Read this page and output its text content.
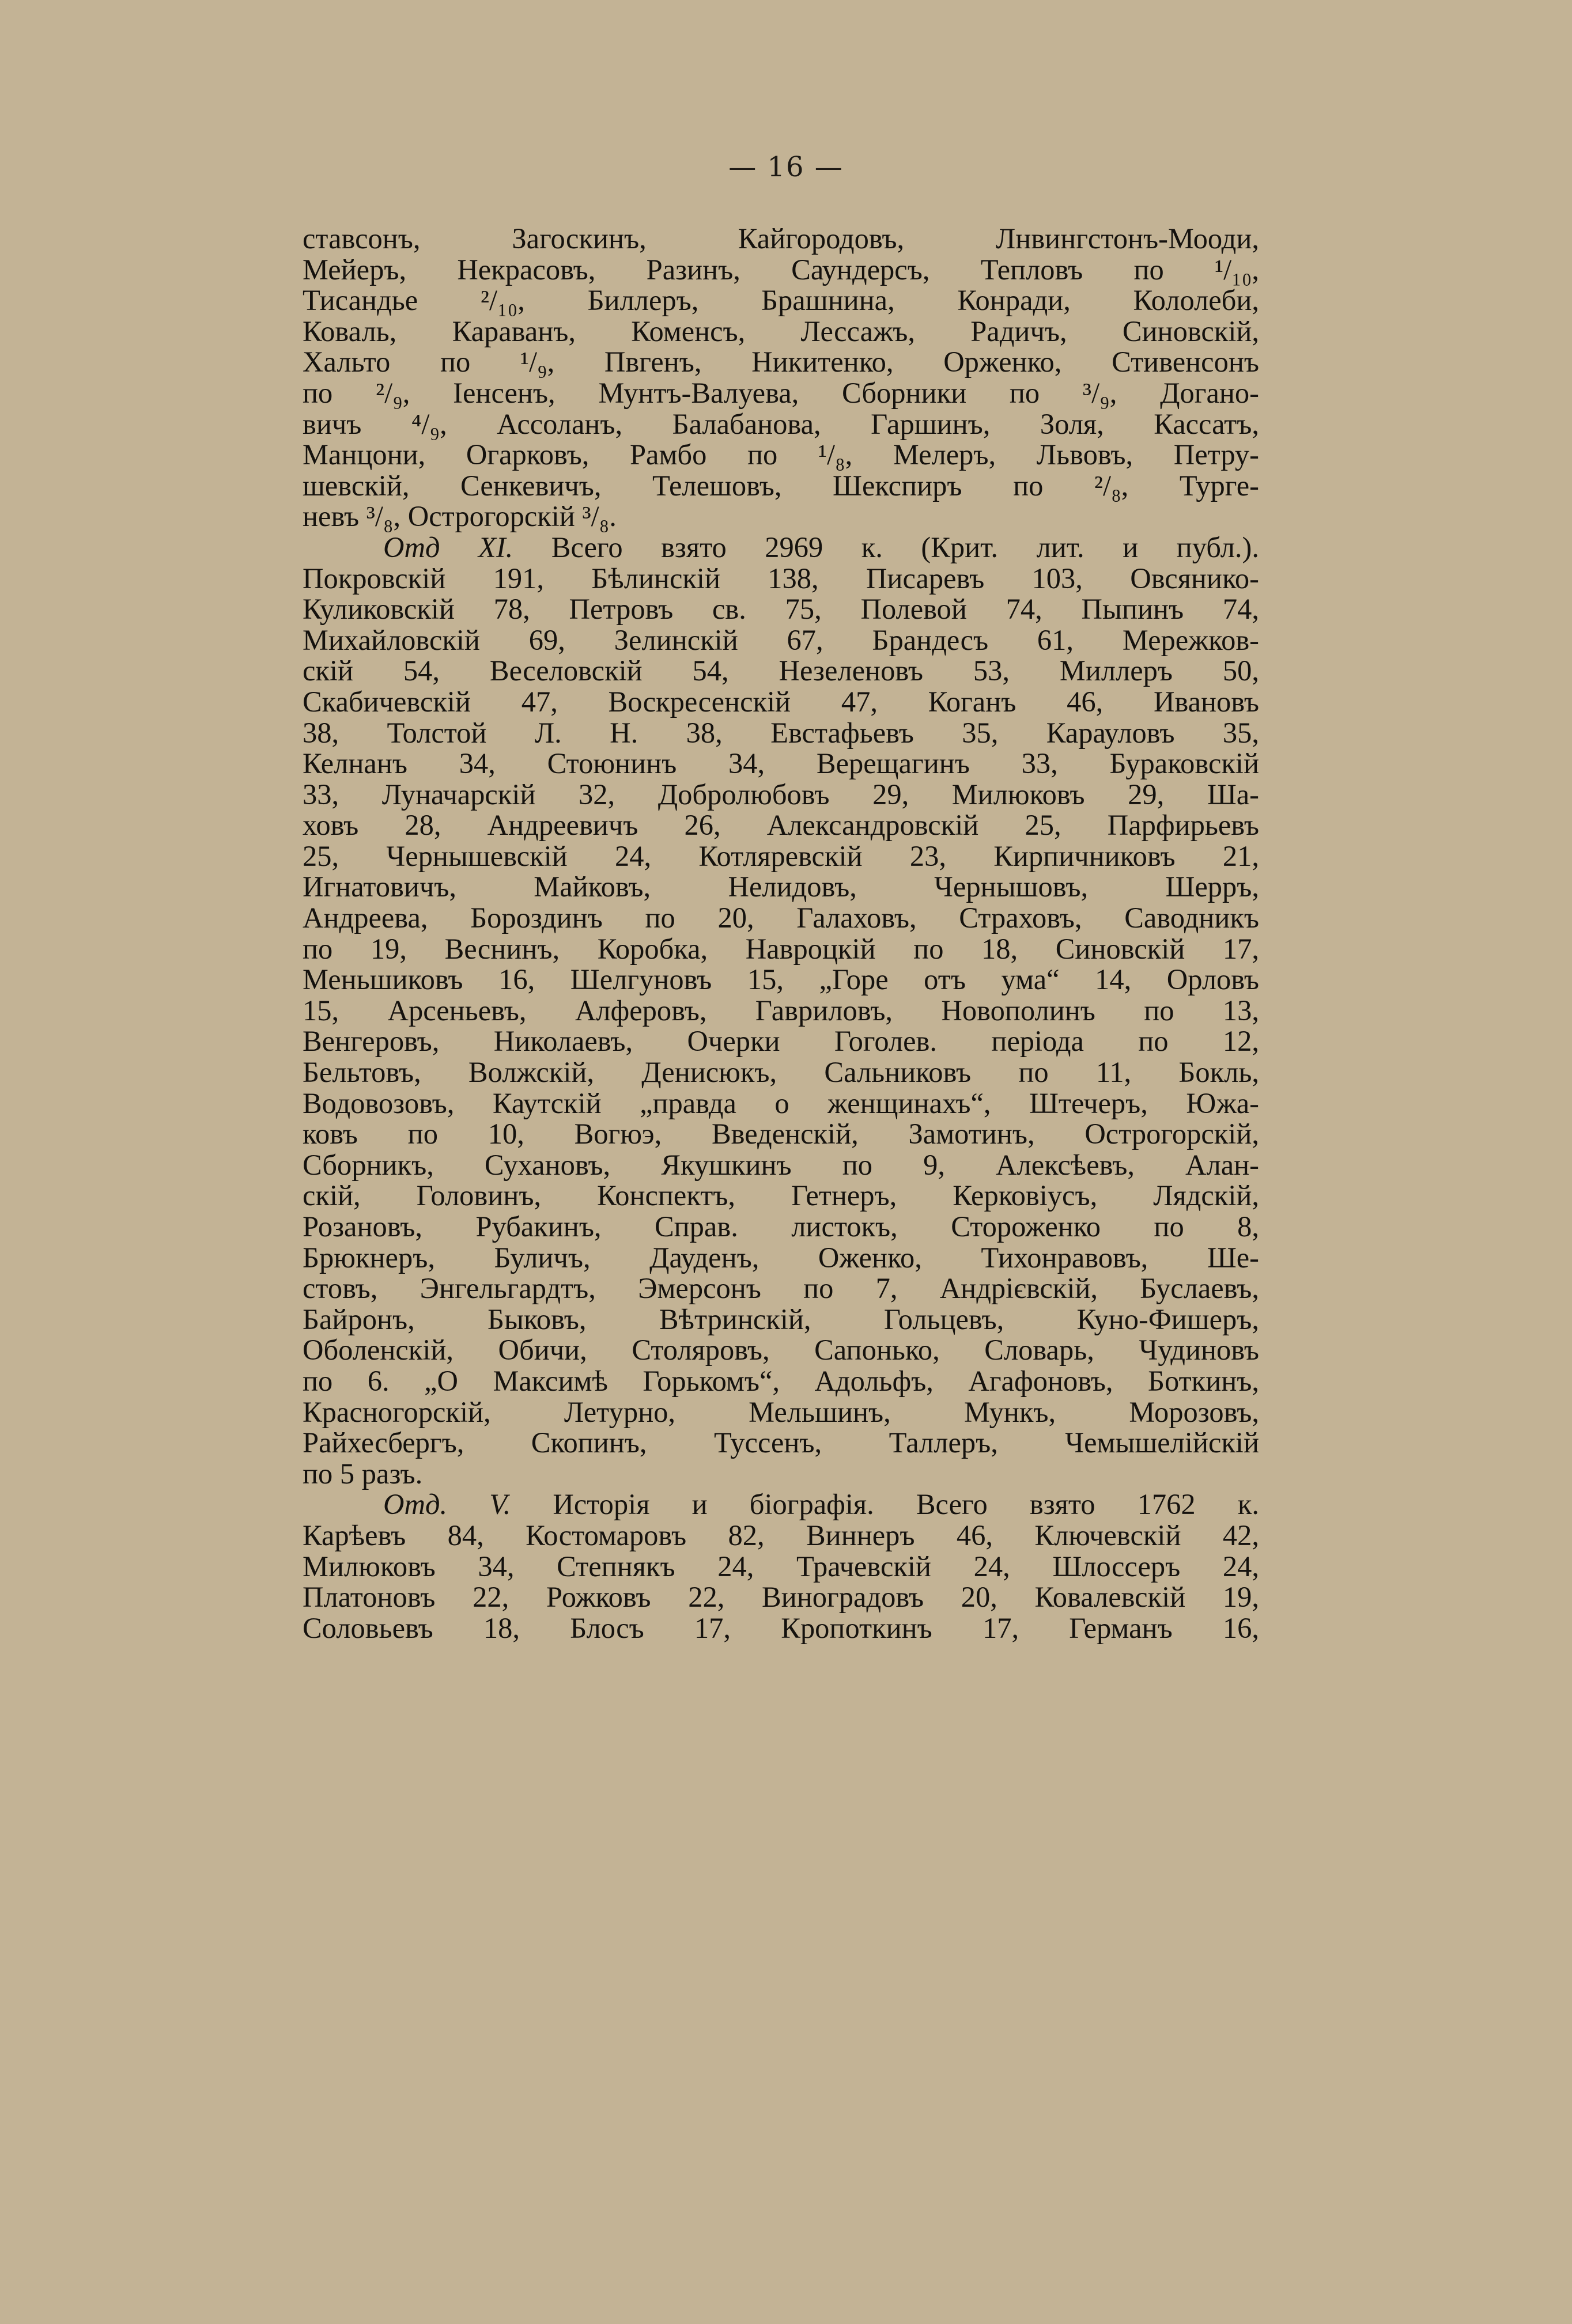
— 16 —
ставсонъ, Загоскинъ, Кайгородовъ, Лнвингстонъ-Мооди,
Мейеръ, Некрасовъ, Разинъ, Саундерсъ, Тепловъ по ¹/₁₀,
Тисандье ²/₁₀, Биллеръ, Брашнина, Конради, Кололеби,
Коваль, Караванъ, Коменсъ, Лессажъ, Радичъ, Синовскій,
Хальто по ¹/₉, Пвгенъ, Никитенко, Орженко, Стивенсонъ
по ²/₉, Іенсенъ, Мунтъ-Валуева, Сборники по ³/₉, Догано-
вичъ ⁴/₉, Ассоланъ, Балабанова, Гаршинъ, Золя, Кассатъ,
Манцони, Огарковъ, Рамбо по ¹/₈, Мелеръ, Львовъ, Петру-
шевскій, Сенкевичъ, Телешовъ, Шекспиръ по ²/₈, Турге-
невъ ³/₈, Острогорскій ³/₈.
Отд XI. Всего взято 2969 к. (Крит. лит. и публ.).
Покровскій 191, Бѣлинскій 138, Писаревъ 103, Овсянико-
Куликовскій 78, Петровъ св. 75, Полевой 74, Пыпинъ 74,
Михайловскій 69, Зелинскій 67, Брандесъ 61, Мережков-
скій 54, Веселовскій 54, Незеленовъ 53, Миллеръ 50,
Скабичевскій 47, Воскресенскій 47, Коганъ 46, Ивановъ
38, Толстой Л. Н. 38, Евстафьевъ 35, Карауловъ 35,
Келнанъ 34, Стоюнинъ 34, Верещагинъ 33, Бураковскій
33, Луначарскій 32, Добролюбовъ 29, Милюковъ 29, Ша-
ховъ 28, Андреевичъ 26, Александровскій 25, Парфирьевъ
25, Чернышевскій 24, Котляревскій 23, Кирпичниковъ 21,
Игнатовичъ, Майковъ, Нелидовъ, Чернышовъ, Шерръ,
Андреева, Бороздинъ по 20, Галаховъ, Страховъ, Саводникъ
по 19, Веснинъ, Коробка, Навроцкій по 18, Синовскій 17,
Меньшиковъ 16, Шелгуновъ 15, „Горе отъ ума“ 14, Орловъ
15, Арсеньевъ, Алферовъ, Гавриловъ, Новополинъ по 13,
Венгеровъ, Николаевъ, Очерки Гоголев. періода по 12,
Бельтовъ, Волжскій, Денисюкъ, Сальниковъ по 11, Бокль,
Водовозовъ, Каутскій „правда о женщинахъ“, Штечеръ, Южа-
ковъ по 10, Вогюэ, Введенскій, Замотинъ, Острогорскій,
Сборникъ, Сухановъ, Якушкинъ по 9, Алексѣевъ, Алан-
скій, Головинъ, Конспектъ, Гетнеръ, Керковіусъ, Лядскій,
Розановъ, Рубакинъ, Справ. листокъ, Стороженко по 8,
Брюкнеръ, Буличъ, Дауденъ, Оженко, Тихонравовъ, Ше-
стовъ, Энгельгардтъ, Эмерсонъ по 7, Андрієвскій, Буслаевъ,
Байронъ, Быковъ, Вѣтринскій, Гольцевъ, Куно-Фишеръ,
Оболенскій, Обичи, Столяровъ, Сапонько, Словарь, Чудиновъ
по 6. „О Максимѣ Горькомъ“, Адольфъ, Агафоновъ, Боткинъ,
Красногорскій, Летурно, Мельшинъ, Мункъ, Морозовъ,
Райхесбергъ, Скопинъ, Туссенъ, Таллеръ, Чемышелійскій
по 5 разъ.
Отд. V. Исторія и біографія. Всего взято 1762 к.
Карѣевъ 84, Костомаровъ 82, Виннеръ 46, Ключевскій 42,
Милюковъ 34, Степнякъ 24, Трачевскій 24, Шлоссеръ 24,
Платоновъ 22, Рожковъ 22, Виноградовъ 20, Ковалевскій 19,
Соловьевъ 18, Блосъ 17, Кропоткинъ 17, Германъ 16,
